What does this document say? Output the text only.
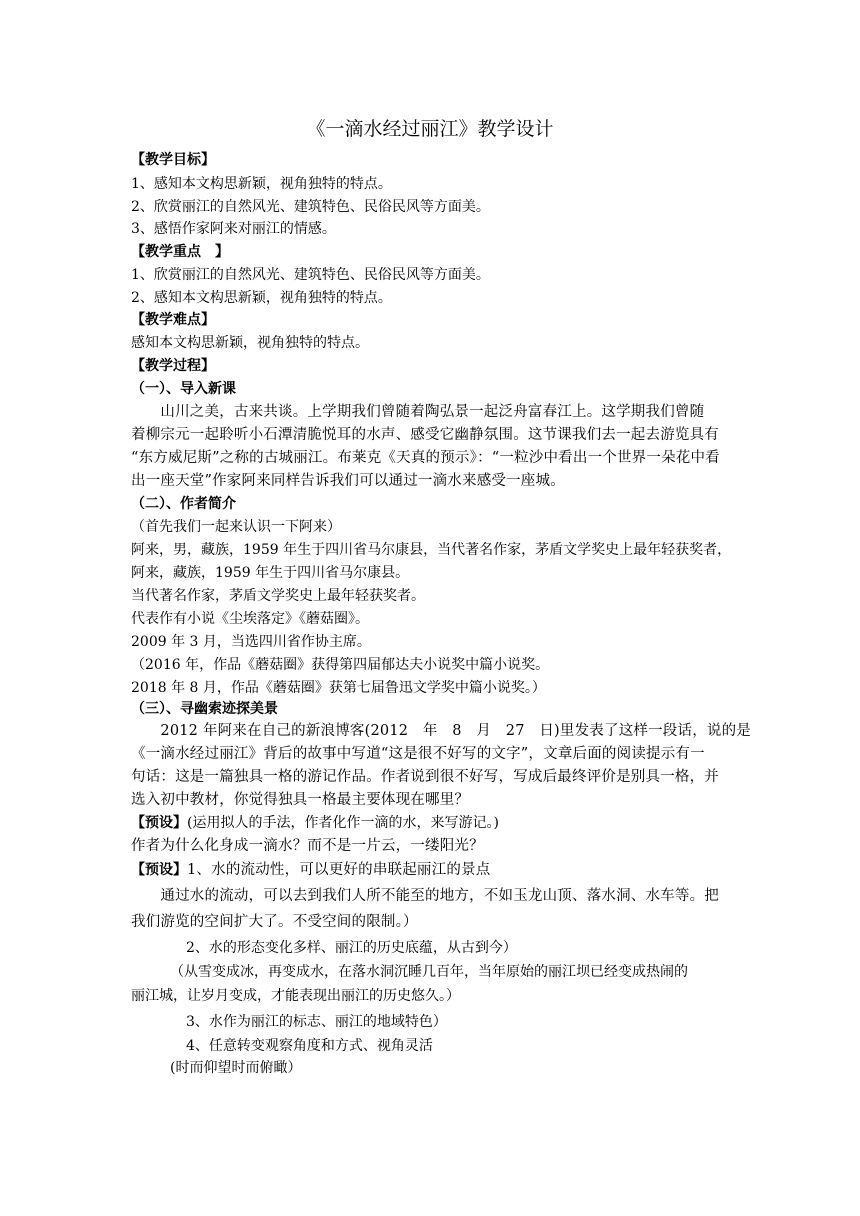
《一滴水经过丽江》教学设计
【教学目标】
1、感知本文构思新颖，视角独特的特点。
2、欣赏丽江的自然风光、建筑特色、民俗民风等方面美。
3、感悟作家阿来对丽江的情感。
【教学重点　】
1、欣赏丽江的自然风光、建筑特色、民俗民风等方面美。
2、感知本文构思新颖，视角独特的特点。
【教学难点】
感知本文构思新颖，视角独特的特点。
【教学过程】
（一）、导入新课
　　山川之美，古来共谈。上学期我们曾随着陶弘景一起泛舟富春江上。这学期我们曾随
着柳宗元一起聆听小石潭清脆悦耳的水声、感受它幽静氛围。这节课我们去一起去游览具有
“东方威尼斯”之称的古城丽江。布莱克《天真的预示》：“一粒沙中看出一个世界一朵花中看
出一座天堂”作家阿来同样告诉我们可以通过一滴水来感受一座城。
（二）、作者简介
（首先我们一起来认识一下阿来）
阿来，男，藏族，1959 年生于四川省马尔康县，当代著名作家，茅盾文学奖史上最年轻获奖者，
阿来，藏族，1959 年生于四川省马尔康县。
当代著名作家，茅盾文学奖史上最年轻获奖者。
代表作有小说《尘埃落定》《蘑菇圈》。
2009 年 3 月，当选四川省作协主席。
（2016 年，作品《蘑菇圈》获得第四届郁达夫小说奖中篇小说奖。
2018 年 8 月，作品《蘑菇圈》获第七届鲁迅文学奖中篇小说奖。）
（三）、寻幽索迹探美景
　　2012 年阿来在自己的新浪博客(2012　年　8　月　27　日)里发表了这样一段话，说的是
《一滴水经过丽江》背后的故事中写道“这是很不好写的文字”，文章后面的阅读提示有一
句话：这是一篇独具一格的游记作品。作者说到很不好写，写成后最终评价是别具一格，并
选入初中教材，你觉得独具一格最主要体现在哪里？
【预设】(运用拟人的手法，作者化作一滴的水，来写游记。)
作者为什么化身成一滴水？而不是一片云，一缕阳光？
【预设】1、水的流动性，可以更好的串联起丽江的景点
　　通过水的流动，可以去到我们人所不能至的地方，不如玉龙山顶、落水洞、水车等。把
我们游览的空间扩大了。不受空间的限制。）
2、水的形态变化多样、丽江的历史底蕴，从古到今）
（从雪变成冰，再变成水，在落水洞沉睡几百年，当年原始的丽江坝已经变成热闹的
丽江城，让岁月变成，才能表现出丽江的历史悠久。）
3、水作为丽江的标志、丽江的地域特色）
4、任意转变观察角度和方式、视角灵活
(时而仰望时而俯瞰）
